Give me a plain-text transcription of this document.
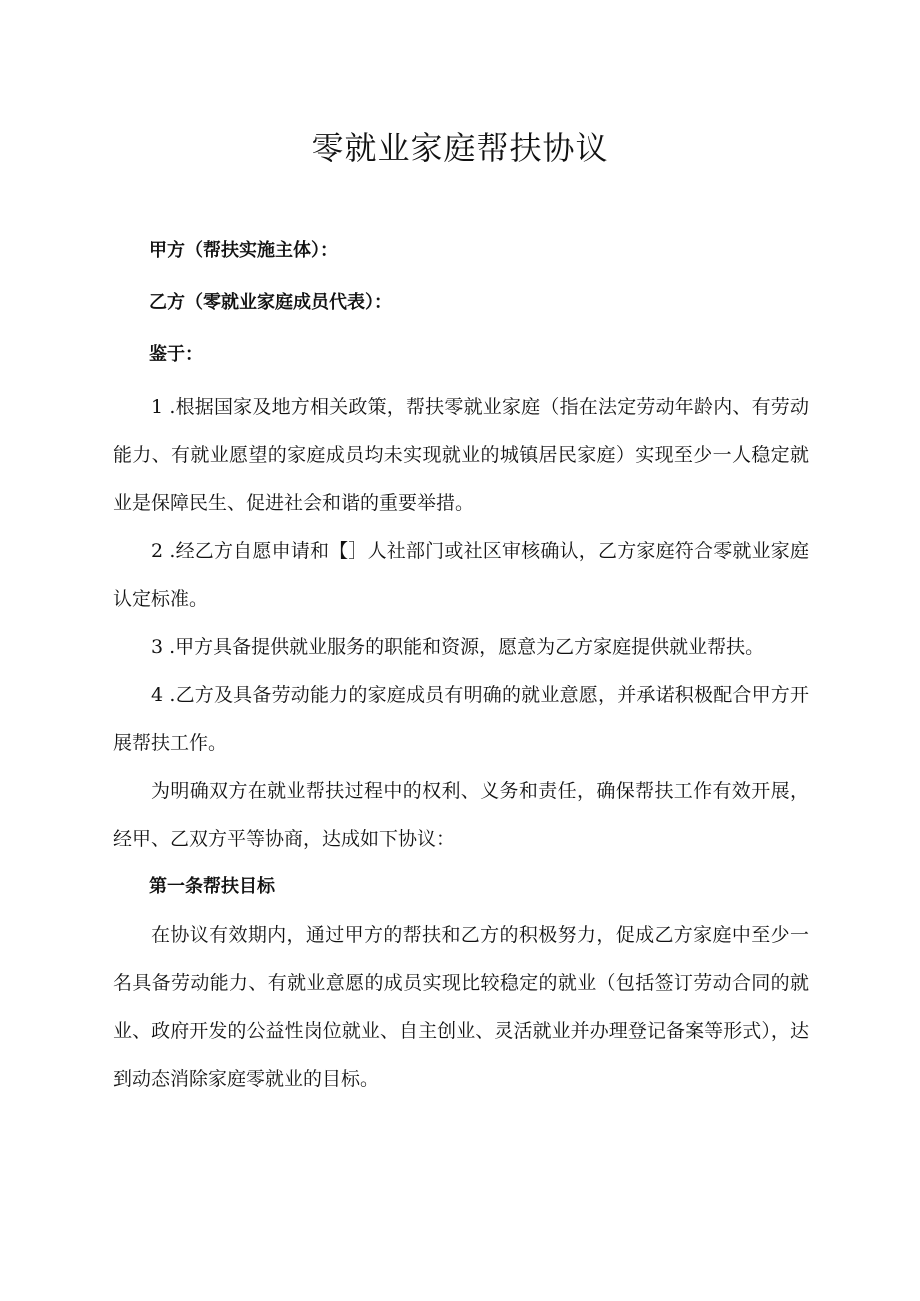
零就业家庭帮扶协议

甲方（帮扶实施主体）：

乙方（零就业家庭成员代表）：

鉴于：

1 .根据国家及地方相关政策，帮扶零就业家庭（指在法定劳动年龄内、有劳动能力、有就业愿望的家庭成员均未实现就业的城镇居民家庭）实现至少一人稳定就业是保障民生、促进社会和谐的重要举措。

2 .经乙方自愿申请和【］人社部门或社区审核确认，乙方家庭符合零就业家庭认定标准。

3 .甲方具备提供就业服务的职能和资源，愿意为乙方家庭提供就业帮扶。

4 .乙方及具备劳动能力的家庭成员有明确的就业意愿，并承诺积极配合甲方开展帮扶工作。

为明确双方在就业帮扶过程中的权利、义务和责任，确保帮扶工作有效开展，经甲、乙双方平等协商，达成如下协议：

第一条帮扶目标

在协议有效期内，通过甲方的帮扶和乙方的积极努力，促成乙方家庭中至少一名具备劳动能力、有就业意愿的成员实现比较稳定的就业（包括签订劳动合同的就业、政府开发的公益性岗位就业、自主创业、灵活就业并办理登记备案等形式），达到动态消除家庭零就业的目标。
